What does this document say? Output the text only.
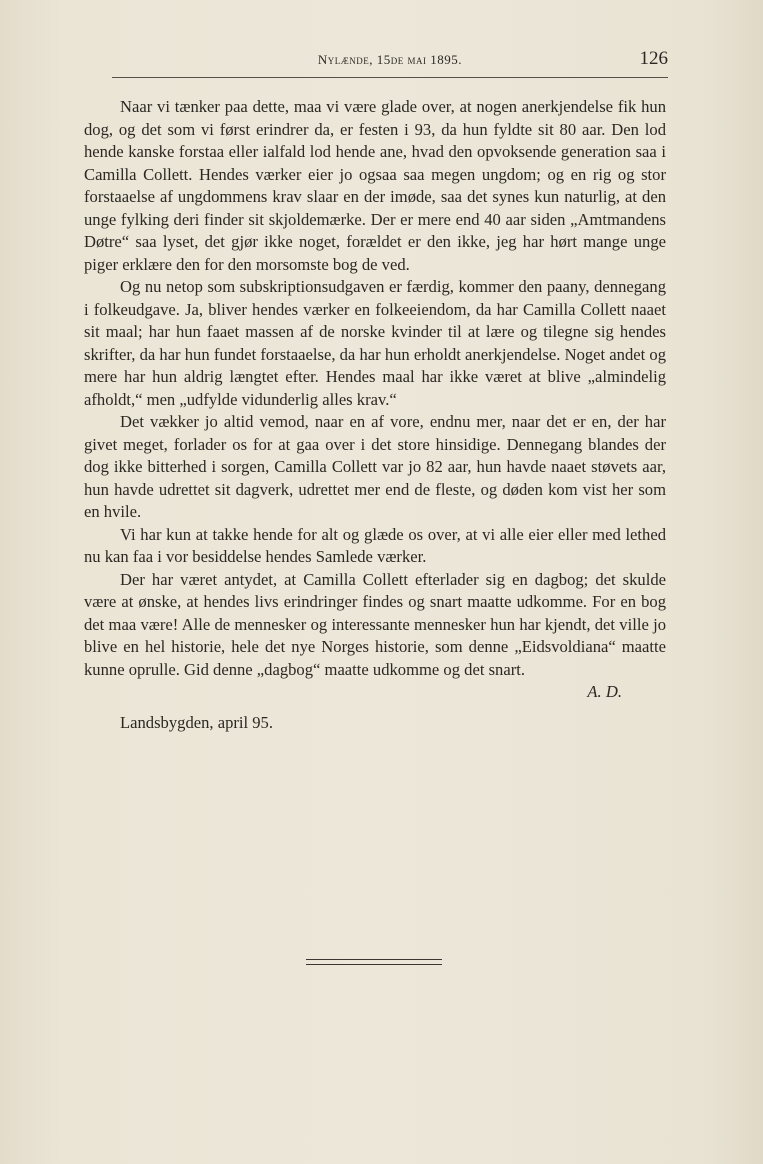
Nylænde, 15de mai 1895.	126

Naar vi tænker paa dette, maa vi være glade over, at nogen anerkjendelse fik hun dog, og det som vi først erindrer da, er festen i 93, da hun fyldte sit 80 aar. Den lod hende kanske forstaa eller ialfald lod hende ane, hvad den opvoksende generation saa i Camilla Collett. Hendes værker eier jo ogsaa saa megen ungdom; og en rig og stor forstaaelse af ungdommens krav slaar en der imøde, saa det synes kun naturlig, at den unge fylking deri finder sit skjoldemærke. Der er mere end 40 aar siden „Amtmandens Døtre“ saa lyset, det gjør ikke noget, forældet er den ikke, jeg har hørt mange unge piger erklære den for den morsomste bog de ved.

Og nu netop som subskriptionsudgaven er færdig, kommer den paany, dennegang i folkeudgave. Ja, bliver hendes værker en folkeeiendom, da har Camilla Collett naaet sit maal; har hun faaet massen af de norske kvinder til at lære og tilegne sig hendes skrifter, da har hun fundet forstaaelse, da har hun erholdt anerkjendelse. Noget andet og mere har hun aldrig længtet efter. Hendes maal har ikke været at blive „almindelig afholdt,“ men „udfylde vidunderlig alles krav.“

Det vækker jo altid vemod, naar en af vore, endnu mer, naar det er en, der har givet meget, forlader os for at gaa over i det store hinsidige. Dennegang blandes der dog ikke bitterhed i sorgen, Camilla Collett var jo 82 aar, hun havde naaet støvets aar, hun havde udrettet sit dagverk, udrettet mer end de fleste, og døden kom vist her som en hvile.

Vi har kun at takke hende for alt og glæde os over, at vi alle eier eller med lethed nu kan faa i vor besiddelse hendes Samlede værker.

Der har været antydet, at Camilla Collett efterlader sig en dagbog; det skulde være at ønske, at hendes livs erindringer findes og snart maatte udkomme. For en bog det maa være! Alle de mennesker og interessante mennesker hun har kjendt, det ville jo blive en hel historie, hele det nye Norges historie, som denne „Eidsvoldiana“ maatte kunne oprulle. Gid denne „dagbog“ maatte udkomme og det snart.

A. D.

Landsbygden, april 95.
